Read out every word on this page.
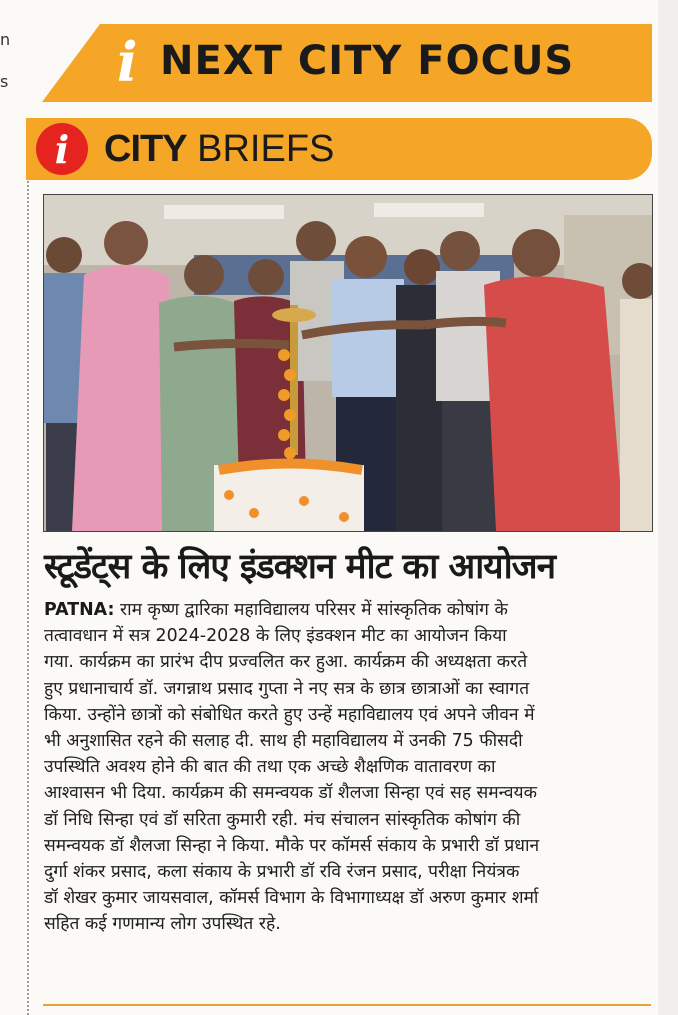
n
s i NEXT CITY FOCUS
i CITY BRIEFS
स्टूडेंट्स के लिए इंडक्शन मीट का आयोजन
PATNA: राम कृष्ण द्वारिका महाविद्यालय परिसर में सांस्कृतिक कोषांग के
तत्वावधान में सत्र 2024-2028 के लिए इंडक्शन मीट का आयोजन किया
गया. कार्यक्रम का प्रारंभ दीप प्रज्वलित कर हुआ. कार्यक्रम की अध्यक्षता करते
हुए प्रधानाचार्य डॉ. जगन्नाथ प्रसाद गुप्ता ने नए सत्र के छात्र छात्राओं का स्वागत
किया. उन्होंने छात्रों को संबोधित करते हुए उन्हें महाविद्यालय एवं अपने जीवन में
भी अनुशासित रहने की सलाह दी. साथ ही महाविद्यालय में उनकी 75 फीसदी
उपस्थिति अवश्य होने की बात की तथा एक अच्छे शैक्षणिक वातावरण का
आश्वासन भी दिया. कार्यक्रम की समन्वयक डॉ शैलजा सिन्हा एवं सह समन्वयक
डॉ निधि सिन्हा एवं डॉ सरिता कुमारी रही. मंच संचालन सांस्कृतिक कोषांग की
समन्वयक डॉ शैलजा सिन्हा ने किया. मौके पर कॉमर्स संकाय के प्रभारी डॉ प्रधान
दुर्गा शंकर प्रसाद, कला संकाय के प्रभारी डॉ रवि रंजन प्रसाद, परीक्षा नियंत्रक
डॉ शेखर कुमार जायसवाल, कॉमर्स विभाग के विभागाध्यक्ष डॉ अरुण कुमार शर्मा
सहित कई गणमान्य लोग उपस्थित रहे.
